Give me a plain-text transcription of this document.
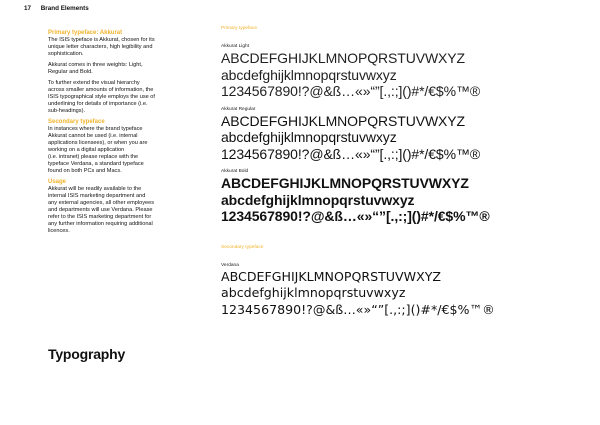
17 Brand Elements
Primary typeface: Akkurat

The ISIS typeface is Akkurat, chosen for its
unique letter characters, high legibility and
sophistication.

Akkurat comes in three weights: Light,
Regular and Bold.

To further extend the visual hierarchy
across smaller amounts of information, the
ISIS typographical style employs the use of
underlining for details of importance (i.e.
sub-headings).

Secondary typeface

In instances where the brand typeface
Akkurat cannot be used (i.e. internal
applications licensees), or when you are
working on a digital application
(i.e. intranet) please replace with the
typeface Verdana, a standard typeface
found on both PCs and Macs.

Usage

Akkurat will be readily available to the
internal ISIS marketing department and
any external agencies, all other employees
and departments will use Verdana. Please
refer to the ISIS marketing department for
any further information requiring additional
licences.

Typography
Primary typeface
Akkurat Light
ABCDEFGHIJKLMNOPQRSTUVWXYZ
abcdefghijklmnopqrstuvwxyz
1234567890!?@&ß…«»“”[.,:;]()#*/€$%™®
Akkurat Regular
ABCDEFGHIJKLMNOPQRSTUVWXYZ
abcdefghijklmnopqrstuvwxyz
1234567890!?@&ß…«»“”[.,:;]()#*/€$%™®
Akkurat Bold
ABCDEFGHIJKLMNOPQRSTUVWXYZ
abcdefghijklmnopqrstuvwxyz
1234567890!?@&ß…«»“”[.,:;]()#*/€$%™®
Secondary typeface
Verdana
ABCDEFGHIJKLMNOPQRSTUVWXYZ
abcdefghijklmnopqrstuvwxyz
1234567890!?@&ß…«»“”[.,:;]()#*/€$%™®
